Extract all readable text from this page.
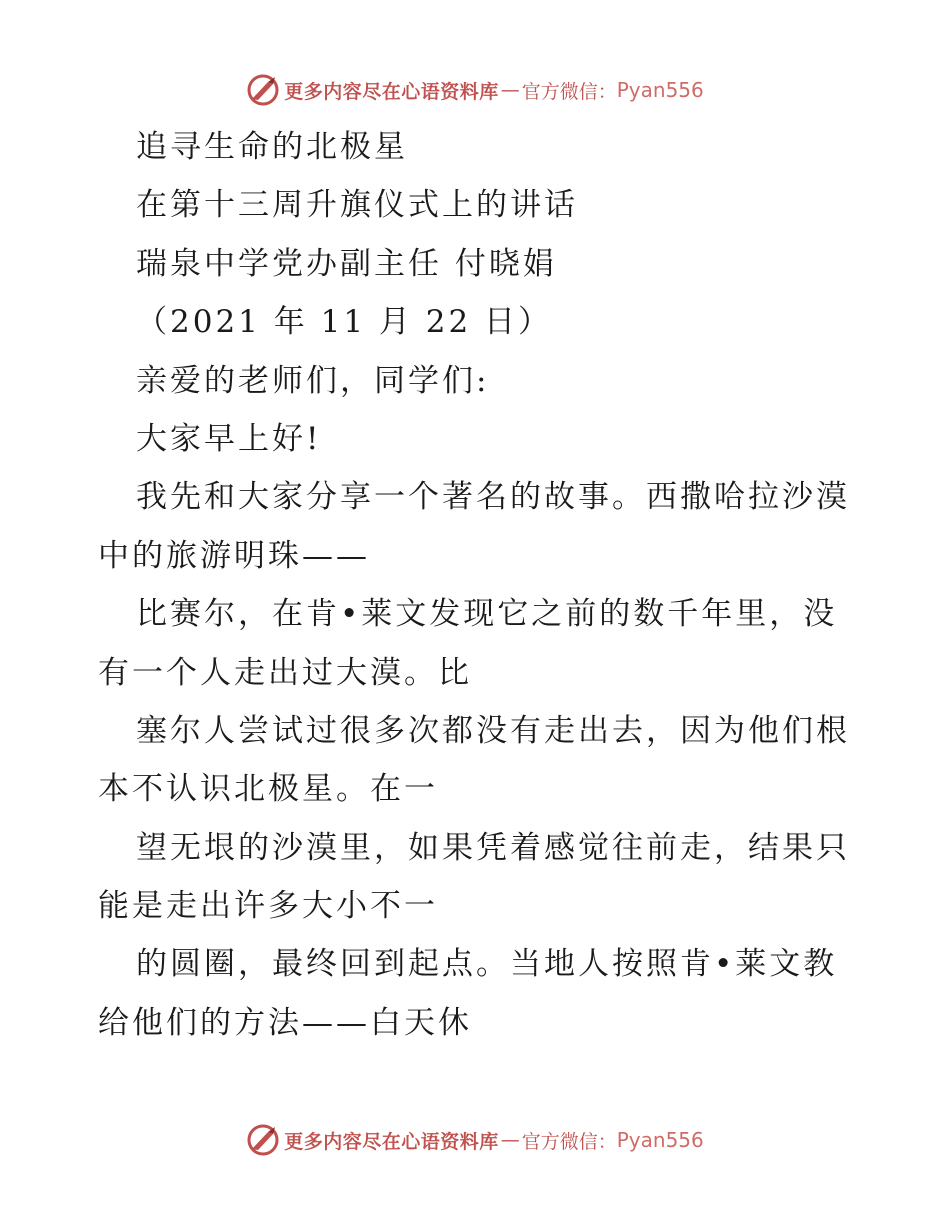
更多内容尽在心语资料库 — 官方微信： Pyan556
追寻生命的北极星
在第十三周升旗仪式上的讲话
瑞泉中学党办副主任 付晓娟
（2021 年 11 月 22 日）
亲爱的老师们，同学们:
大家早上好!
我先和大家分享一个著名的故事。西撒哈拉沙漠
中的旅游明珠——
比赛尔，在肯•莱文发现它之前的数千年里，没
有一个人走出过大漠。比
塞尔人尝试过很多次都没有走出去，因为他们根
本不认识北极星。在一
望无垠的沙漠里，如果凭着感觉往前走，结果只
能是走出许多大小不一
的圆圈，最终回到起点。当地人按照肯•莱文教
给他们的方法——白天休
更多内容尽在心语资料库 — 官方微信： Pyan556
